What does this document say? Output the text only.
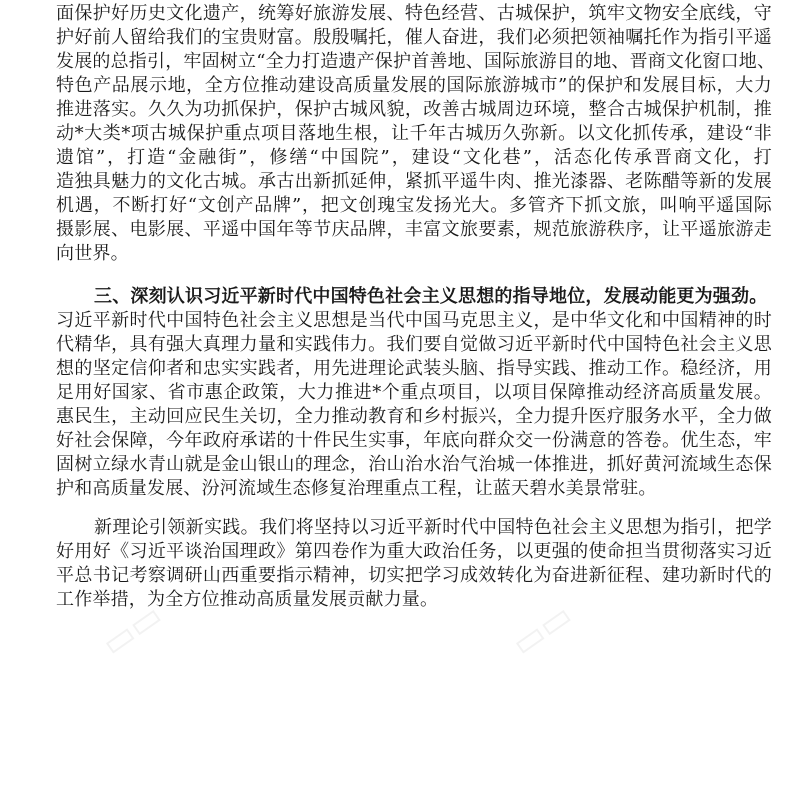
面保护好历史文化遗产，统筹好旅游发展、特色经营、古城保护，筑牢文物安全底线，守
护好前人留给我们的宝贵财富。殷殷嘱托，催人奋进，我们必须把领袖嘱托作为指引平遥
发展的总指引，牢固树立“全力打造遗产保护首善地、国际旅游目的地、晋商文化窗口地、
特色产品展示地，全方位推动建设高质量发展的国际旅游城市”的保护和发展目标，大力
推进落实。久久为功抓保护，保护古城风貌，改善古城周边环境，整合古城保护机制，推
动*大类*项古城保护重点项目落地生根，让千年古城历久弥新。以文化抓传承，建设“非
遗馆”，打造“金融街”，修缮“中国院”，建设“文化巷”，活态化传承晋商文化，打
造独具魅力的文化古城。承古出新抓延伸，紧抓平遥牛肉、推光漆器、老陈醋等新的发展
机遇，不断打好“文创产品牌”，把文创瑰宝发扬光大。多管齐下抓文旅，叫响平遥国际
摄影展、电影展、平遥中国年等节庆品牌，丰富文旅要素，规范旅游秩序，让平遥旅游走
向世界。
三、深刻认识习近平新时代中国特色社会主义思想的指导地位，发展动能更为强劲。
习近平新时代中国特色社会主义思想是当代中国马克思主义，是中华文化和中国精神的时
代精华，具有强大真理力量和实践伟力。我们要自觉做习近平新时代中国特色社会主义思
想的坚定信仰者和忠实实践者，用先进理论武装头脑、指导实践、推动工作。稳经济，用
足用好国家、省市惠企政策，大力推进*个重点项目，以项目保障推动经济高质量发展。
惠民生，主动回应民生关切，全力推动教育和乡村振兴，全力提升医疗服务水平，全力做
好社会保障，今年政府承诺的十件民生实事，年底向群众交一份满意的答卷。优生态，牢
固树立绿水青山就是金山银山的理念，治山治水治气治城一体推进，抓好黄河流域生态保
护和高质量发展、汾河流域生态修复治理重点工程，让蓝天碧水美景常驻。
新理论引领新实践。我们将坚持以习近平新时代中国特色社会主义思想为指引，把学
好用好《习近平谈治国理政》第四卷作为重大政治任务，以更强的使命担当贯彻落实习近
平总书记考察调研山西重要指示精神，切实把学习成效转化为奋进新征程、建功新时代的
工作举措，为全方位推动高质量发展贡献力量。
▭▭	▭▭
